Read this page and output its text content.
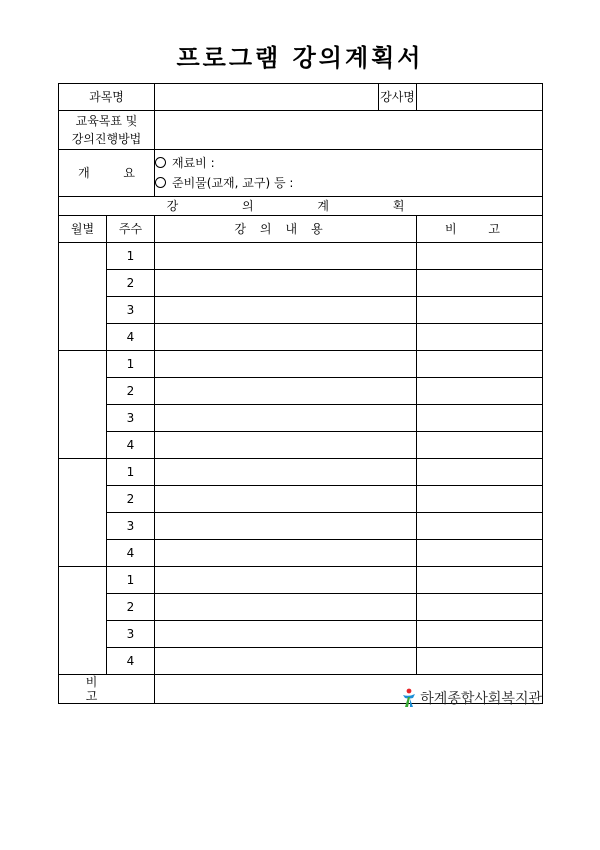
프로그램 강의계획서
과목명			강사명	

교육목표 및
강의진행방법				

개 요		재료비 :
준비물(교재, 교구) 등 :		

강 의 계 획				
월별	주수	강의내용		비 고
	1			
	2			
	3			
	4			
	1			
	2			
	3			
	4			
	1			
	2			
	3			
	4			
	1			
	2			
	3			
	4			
비 고					하계종합사회복지관
